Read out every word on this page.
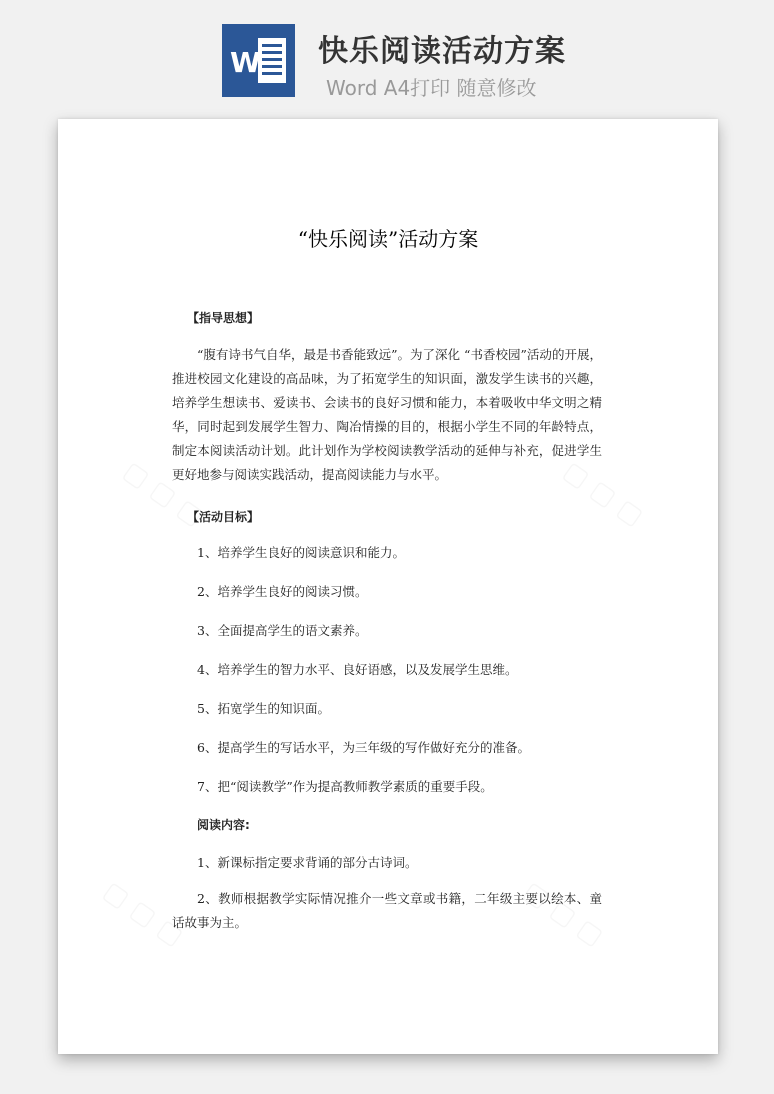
W 快乐阅读活动方案
Word A4打印 随意修改
“快乐阅读”活动方案
【指导思想】
“腹有诗书气自华，最是书香能致远”。为了深化 “书香校园”活动的开展，推进校园文化建设的高品味，为了拓宽学生的知识面，激发学生读书的兴趣，培养学生想读书、爱读书、会读书的良好习惯和能力，本着吸收中华文明之精华，同时起到发展学生智力、陶冶情操的目的，根据小学生不同的年龄特点，制定本阅读活动计划。此计划作为学校阅读教学活动的延伸与补充，促进学生更好地参与阅读实践活动，提高阅读能力与水平。
【活动目标】
1、培养学生良好的阅读意识和能力。
2、培养学生良好的阅读习惯。
3、全面提高学生的语文素养。
4、培养学生的智力水平、良好语感，以及发展学生思维。
5、拓宽学生的知识面。
6、提高学生的写话水平，为三年级的写作做好充分的准备。
7、把“阅读教学”作为提高教师教学素质的重要手段。
阅读内容:
1、新课标指定要求背诵的部分古诗词。
2、教师根据教学实际情况推介一些文章或书籍，二年级主要以绘本、童话故事为主。
